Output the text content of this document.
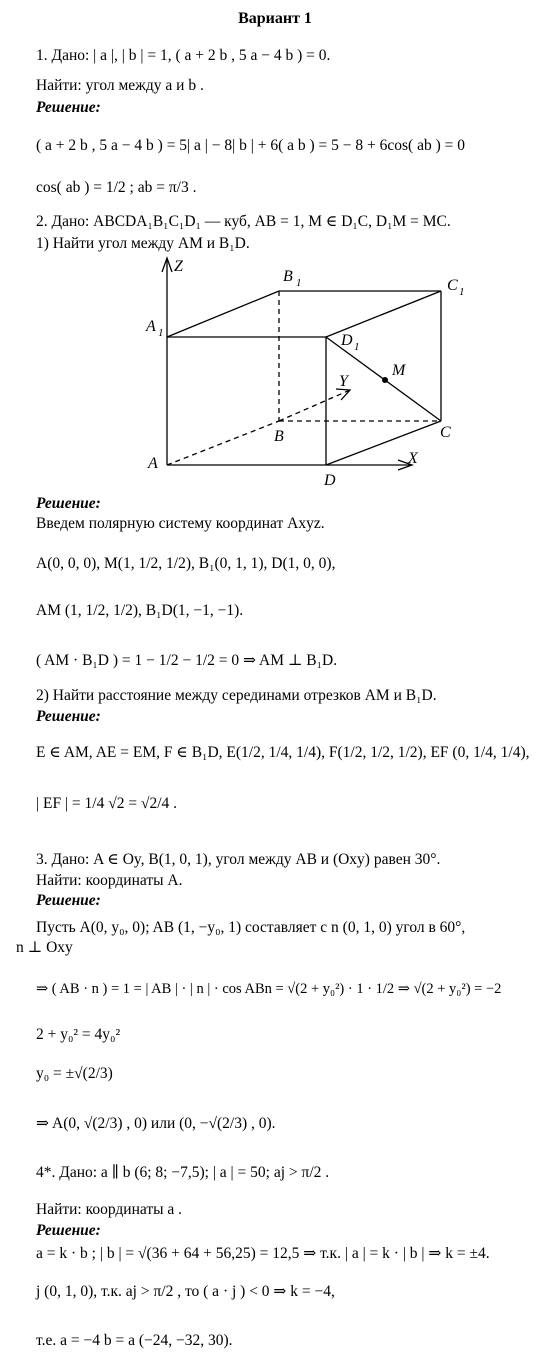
Вариант 1
1. Дано: | a |, | b | = 1, ( a + 2 b , 5 a − 4 b ) = 0.
Найти: угол между a и b .
Решение:
( a + 2 b , 5 a − 4 b ) = 5| a | − 8| b | + 6( a b ) = 5 − 8 + 6cos( ab ) = 0
cos( ab ) = 1/2 ; ab = π/3 .
2. Дано: ABCDA₁B₁C₁D₁ — куб, AB = 1, M ∈ D₁C, D₁M = MC.
1) Найти угол между AM и B₁D.
Z
B 1	C 1
A 1	D 1
M
Y
B	C
A
D
X
Решение:
Введем полярную систему координат Axyz.
A(0, 0, 0), M(1, 1/2, 1/2), B₁(0, 1, 1), D(1, 0, 0),
AM (1, 1/2, 1/2), B₁D(1, −1, −1).
( AM · B₁D ) = 1 − 1/2 − 1/2 = 0 ⇒ AM ⊥ B₁D.
2) Найти расстояние между серединами отрезков AM и B₁D.
Решение:
E ∈ AM, AE = EM, F ∈ B₁D, E(1/2, 1/4, 1/4), F(1/2, 1/2, 1/2), EF (0, 1/4, 1/4),
| EF | = 1/4 √2 = √2/4 .
3. Дано: A ∈ Oy, B(1, 0, 1), угол между AB и (Oxy) равен 30°.
Найти: координаты A.
Решение:
Пусть A(0, y₀, 0); AB (1, −y₀, 1) составляет с n (0, 1, 0) угол в 60°,
n ⊥ Oxy
⇒ ( AB · n ) = 1 = | AB | · | n | · cos ABn = √(2 + y₀²) · 1 · 1/2 ⇒ √(2 + y₀²) = −2
2 + y₀² = 4y₀²
y₀ = ±√(2/3)
⇒ A(0, √(2/3) , 0) или (0, −√(2/3) , 0).
4*. Дано: a ∥ b (6; 8; −7,5); | a | = 50; aj > π/2 .
Найти: координаты a .
Решение:
a = k · b ; | b | = √(36 + 64 + 56,25) = 12,5 ⇒ т.к. | a | = k · | b | ⇒ k = ±4.
j (0, 1, 0), т.к. aj > π/2 , то ( a · j ) < 0 ⇒ k = −4,
т.е. a = −4 b = a (−24, −32, 30).
